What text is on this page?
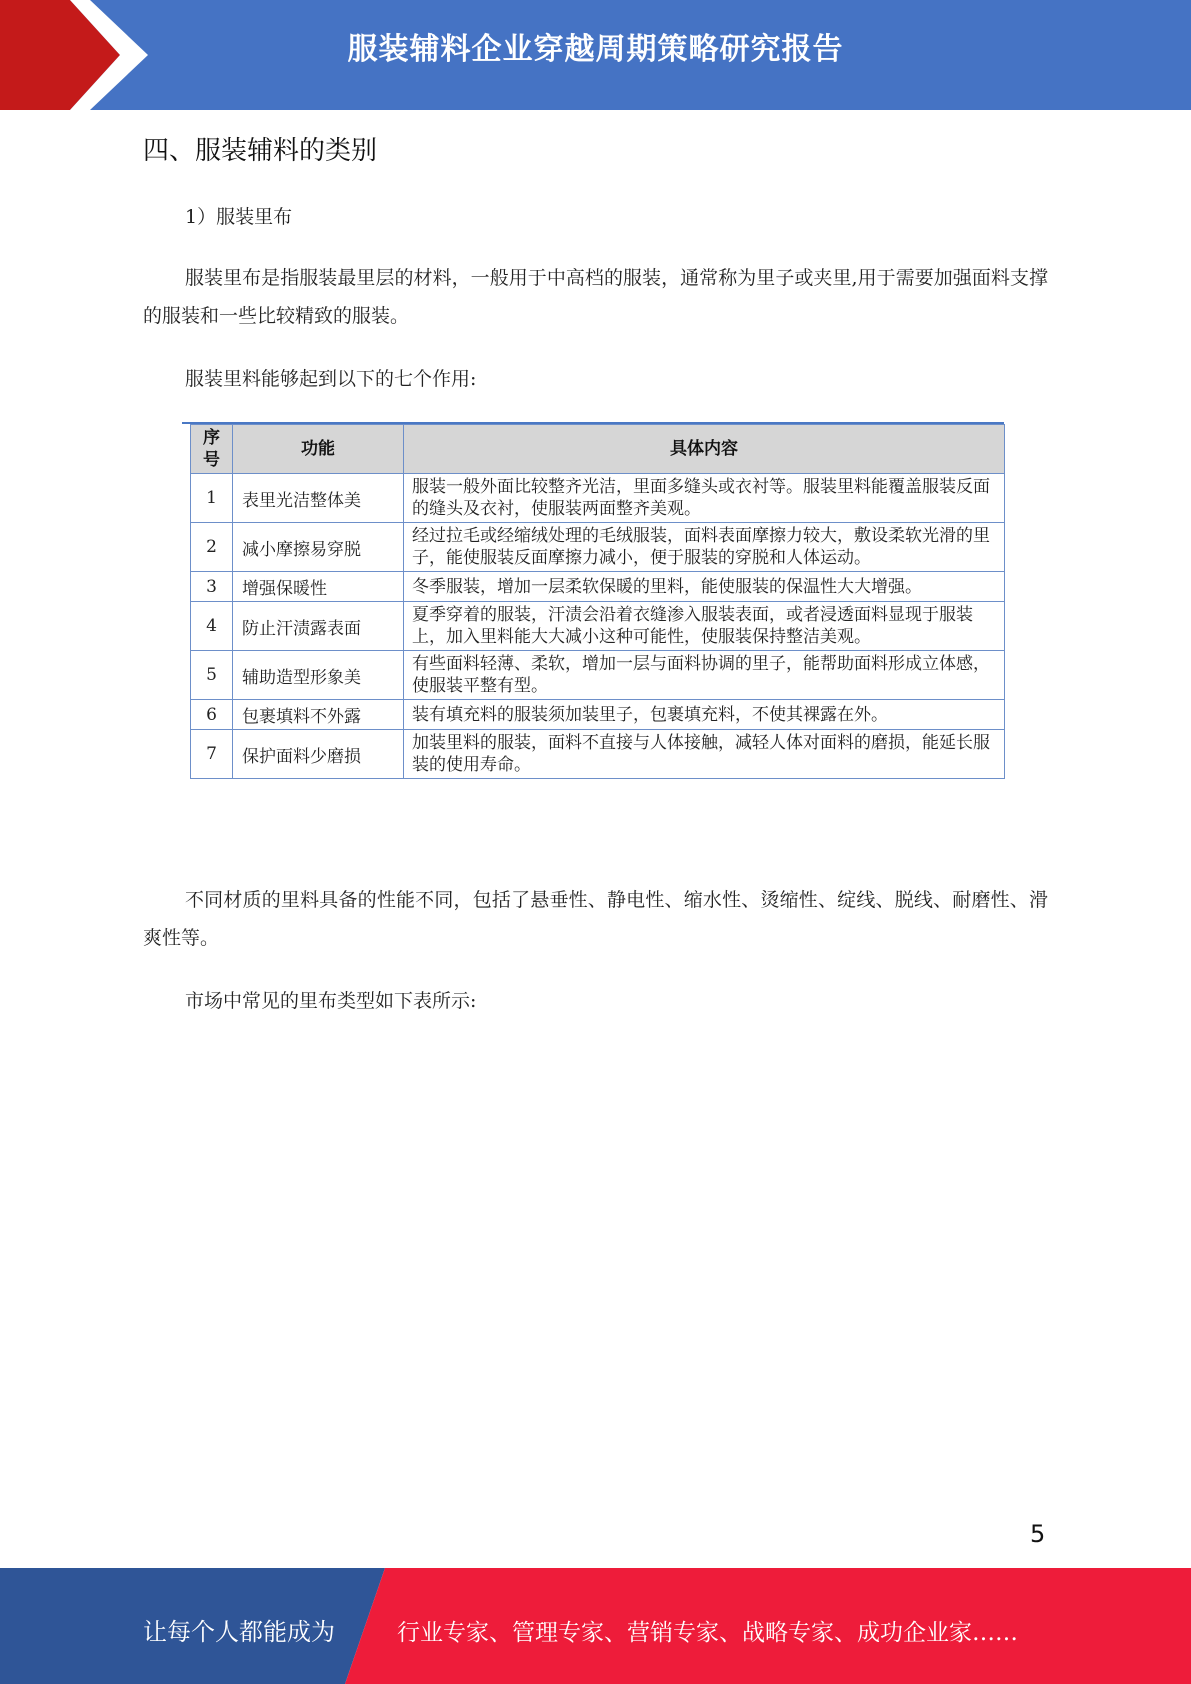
服装辅料企业穿越周期策略研究报告
四、服装辅料的类别
1）服装里布
服装里布是指服装最里层的材料，一般用于中高档的服装，通常称为里子或夹里,用于需要加强面料支撑的服装和一些比较精致的服装。
服装里料能够起到以下的七个作用:
序号	功能	具体内容
1	表里光洁整体美	服装一般外面比较整齐光洁，里面多缝头或衣衬等。服装里料能覆盖服装反面的缝头及衣衬，使服装两面整齐美观。
2	减小摩擦易穿脱	经过拉毛或经缩绒处理的毛绒服装，面料表面摩擦力较大，敷设柔软光滑的里子，能使服装反面摩擦力减小，便于服装的穿脱和人体运动。
3	增强保暖性	冬季服装，增加一层柔软保暖的里料，能使服装的保温性大大增强。
4	防止汗渍露表面	夏季穿着的服装，汗渍会沿着衣缝渗入服装表面，或者浸透面料显现于服装上，加入里料能大大减小这种可能性，使服装保持整洁美观。
5	辅助造型形象美	有些面料轻薄、柔软，增加一层与面料协调的里子，能帮助面料形成立体感，使服装平整有型。
6	包裹填料不外露	装有填充料的服装须加装里子，包裹填充料，不使其裸露在外。
7	保护面料少磨损	加装里料的服装，面料不直接与人体接触，减轻人体对面料的磨损，能延长服装的使用寿命。
不同材质的里料具备的性能不同，包括了悬垂性、静电性、缩水性、烫缩性、绽线、脱线、耐磨性、滑爽性等。
市场中常见的里布类型如下表所示:
5
让每个人都能成为	行业专家、管理专家、营销专家、战略专家、成功企业家……
